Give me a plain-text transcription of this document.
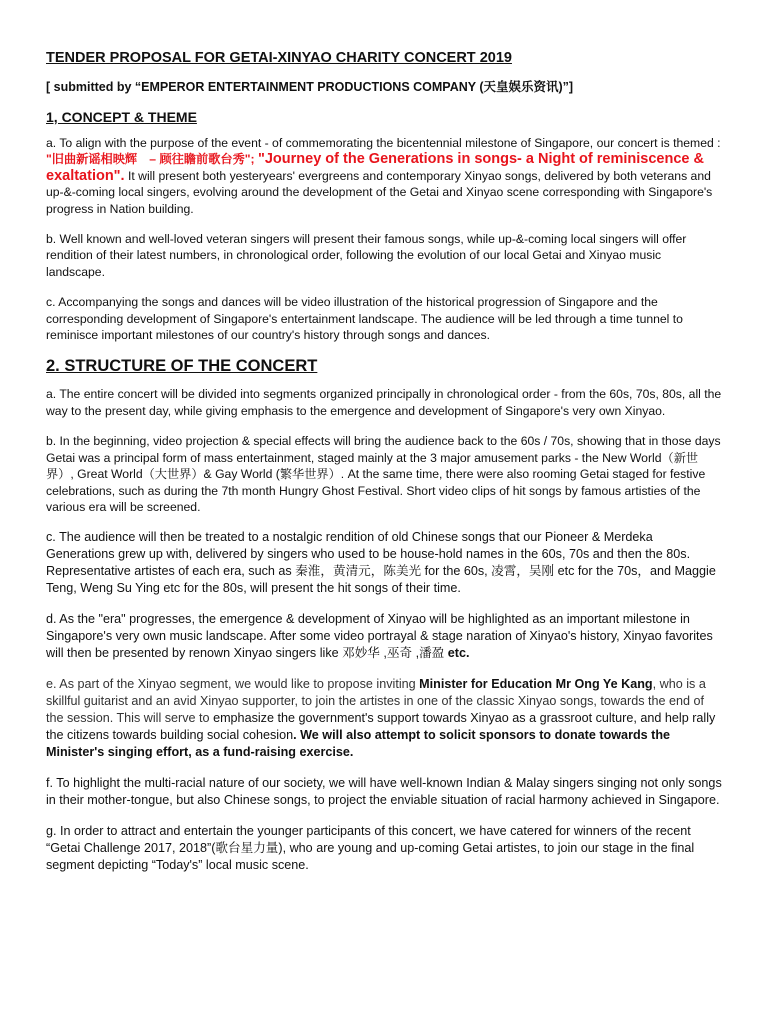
TENDER PROPOSAL FOR GETAI-XINYAO CHARITY CONCERT 2019

[ submitted by “EMPEROR ENTERTAINMENT PRODUCTIONS COMPANY (天皇娱乐资讯)”]

1, CONCEPT & THEME

a. To align with the purpose of the event - of commemorating the bicentennial milestone of Singapore, our concert is themed : "旧曲新谣相映辉　– 顾往瞻前歌台秀"; "Journey of the Generations in songs- a Night of reminiscence & exaltation". It will present both yesteryears' evergreens and contemporary Xinyao songs, delivered by both veterans and up-&-coming local singers, evolving around the development of the Getai and Xinyao scene corresponding with Singapore's progress in Nation building.

b. Well known and well-loved veteran singers will present their famous songs, while up-&-coming local singers will offer rendition of their latest numbers, in chronological order, following the evolution of our local Getai and Xinyao music landscape.

c. Accompanying the songs and dances will be video illustration of the historical progression of Singapore and the corresponding development of Singapore's entertainment landscape. The audience will be led through a time tunnel to reminisce important milestones of our country's history through songs and dances.

2. STRUCTURE OF THE CONCERT

a. The entire concert will be divided into segments organized principally in chronological order - from the 60s, 70s, 80s, all the way to the present day, while giving emphasis to the emergence and development of Singapore's very own Xinyao.

b. In the beginning, video projection & special effects will bring the audience back to the 60s / 70s, showing that in those days Getai was a principal form of mass entertainment, staged mainly at the 3 major amusement parks - the New World（新世界）, Great World（大世界）& Gay World (繁华世界）. At the same time, there were also rooming Getai staged for festive celebrations, such as during the 7th month Hungry Ghost Festival. Short video clips of hit songs by famous artisties of the various era will be screened.

c. The audience will then be treated to a nostalgic rendition of old Chinese songs that our Pioneer & Merdeka Generations grew up with, delivered by singers who used to be house-hold names in the 60s, 70s and then the 80s. Representative artistes of each era, such as 秦淮，黄清元，陈美光 for the 60s, 凌霄，吴刚 etc for the 70s，and Maggie Teng, Weng Su Ying etc for the 80s, will present the hit songs of their time.

d. As the "era" progresses, the emergence & development of Xinyao will be highlighted as an important milestone in Singapore's very own music landscape. After some video portrayal & stage naration of Xinyao's history, Xinyao favorites will then be presented by renown Xinyao singers like 邓妙华 ,巫奇 ,潘盈 etc.

e. As part of the Xinyao segment, we would like to propose inviting Minister for Education Mr Ong Ye Kang, who is a skillful guitarist and an avid Xinyao supporter, to join the artistes in one of the classic Xinyao songs, towards the end of the session. This will serve to emphasize the government's support towards Xinyao as a grassroot culture, and help rally the citizens towards building social cohesion. We will also attempt to solicit sponsors to donate towards the Minister's singing effort, as a fund-raising exercise.

f. To highlight the multi-racial nature of our society, we will have well-known Indian & Malay singers singing not only songs in their mother-tongue, but also Chinese songs, to project the enviable situation of racial harmony achieved in Singapore.

g. In order to attract and entertain the younger participants of this concert, we have catered for winners of the recent “Getai Challenge 2017, 2018”(歌台星力量), who are young and up-coming Getai artistes, to join our stage in the final segment depicting “Today's” local music scene.
